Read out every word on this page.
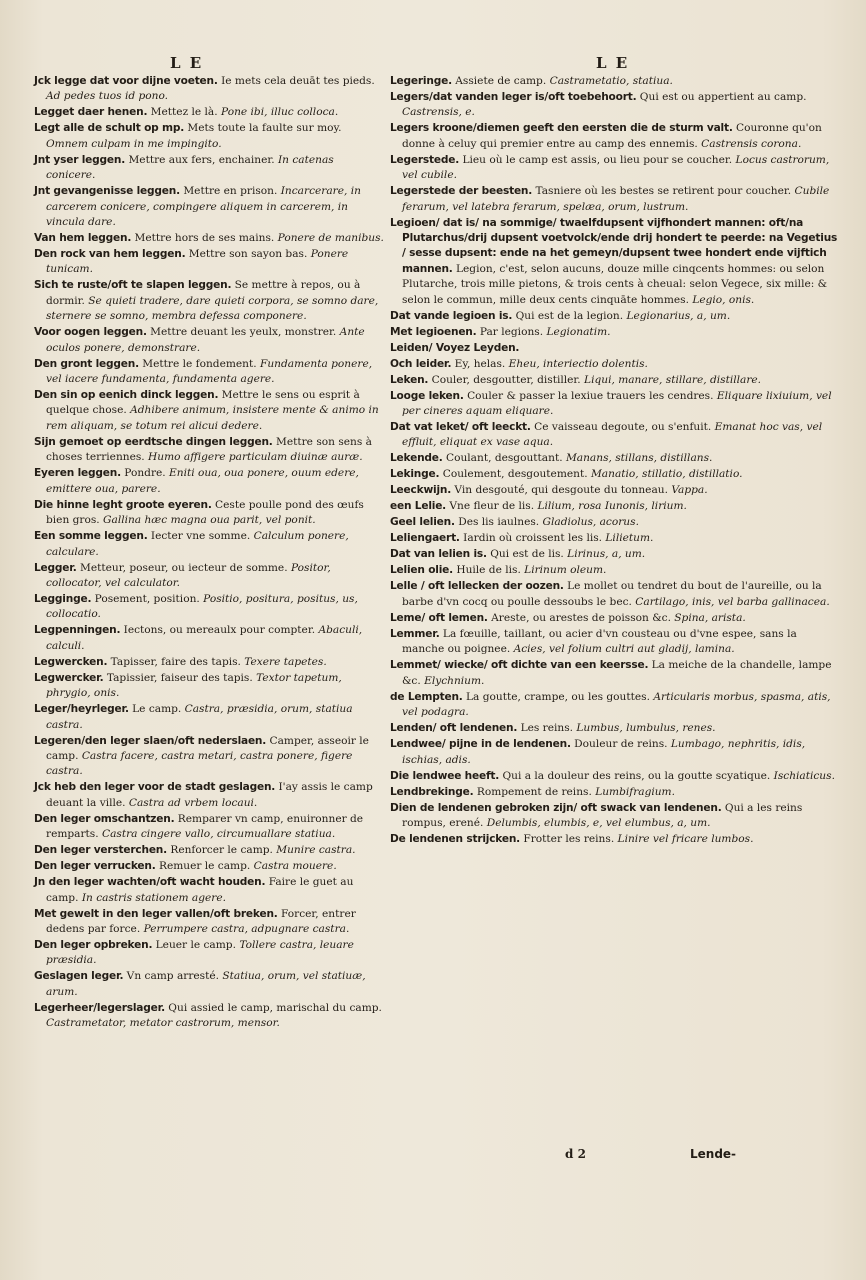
L E	L E

Jck legge dat voor dijne voeten. Ie mets cela deuāt tes pieds. Ad pedes tuos id pono.

Legget daer henen. Mettez le là. Pone ibi, illuc colloca.

Legt alle de schult op mp. Mets toute la faulte sur moy. Omnem culpam in me impingito.

Jnt yser leggen. Mettre aux fers, enchainer. In catenas conicere.

Jnt gevangenisse leggen. Mettre en prison. Incarcerare, in carcerem conicere, compingere aliquem in carcerem, in vincula dare.

Van hem leggen. Mettre hors de ses mains. Ponere de manibus.

Den rock van hem leggen. Mettre son sayon bas. Ponere tunicam.

Sich te ruste/oft te slapen leggen. Se mettre à repos, ou à dormir. Se quieti tradere, dare quieti corpora, se somno dare, sternere se somno, membra defessa componere.

Voor oogen leggen. Mettre deuant les yeulx, monstrer. Ante oculos ponere, demonstrare.

Den gront leggen. Mettre le fondement. Fundamenta ponere, vel iacere fundamenta, fundamenta agere.

Den sin op eenich dinck leggen. Mettre le sens ou esprit à quelque chose. Adhibere animum, insistere mente & animo in rem aliquam, se totum rei alicui dedere.

Sijn gemoet op eerdtsche dingen leggen. Mettre son sens à choses terriennes. Humo affigere particulam diuinæ auræ.

Eyeren leggen. Pondre. Eniti oua, oua ponere, ouum edere, emittere oua, parere.

Die hinne leght groote eyeren. Ceste poulle pond des œufs bien gros. Gallina hæc magna oua parit, vel ponit.

Een somme leggen. Iecter vne somme. Calculum ponere, calculare.

Legger. Metteur, poseur, ou iecteur de somme. Positor, collocator, vel calculator.

Legginge. Posement, position. Positio, positura, positus, us, collocatio.

Legpenningen. Iectons, ou mereaulx pour compter. Abaculi, calculi.

Legwercken. Tapisser, faire des tapis. Texere tapetes.

Legwercker. Tapissier, faiseur des tapis. Textor tapetum, phrygio, onis.

Leger/heyrleger. Le camp. Castra, præsidia, orum, statiua castra.

Legeren/den leger slaen/oft nederslaen. Camper, asseoir le camp. Castra facere, castra metari, castra ponere, figere castra.

Jck heb den leger voor de stadt geslagen. I'ay assis le camp deuant la ville. Castra ad vrbem locaui.

Den leger omschantzen. Remparer vn camp, enuironner de remparts. Castra cingere vallo, circumuallare statiua.

Den leger versterchen. Renforcer le camp. Munire castra.

Den leger verrucken. Remuer le camp. Castra mouere.

Jn den leger wachten/oft wacht houden. Faire le guet au camp. In castris stationem agere.

Met gewelt in den leger vallen/oft breken. Forcer, entrer dedens par force. Perrumpere castra, adpugnare castra.

Den leger opbreken. Leuer le camp. Tollere castra, leuare præsidia.

Geslagen leger. Vn camp arresté. Statiua, orum, vel statiuæ, arum.

Legerheer/legerslager. Qui assied le camp, marischal du camp. Castrametator, metator castrorum, mensor.

Legeringe. Assiete de camp. Castrametatio, statiua.

Legers/dat vanden leger is/oft toebehoort. Qui est ou appertient au camp. Castrensis, e.

Legers kroone/diemen geeft den eersten die de sturm valt. Couronne qu'on donne à celuy qui premier entre au camp des ennemis. Castrensis corona.

Legerstede. Lieu où le camp est assis, ou lieu pour se coucher. Locus castrorum, vel cubile.

Legerstede der beesten. Tasniere où les bestes se retirent pour coucher. Cubile ferarum, vel latebra ferarum, spelæa, orum, lustrum.

Legioen/ dat is/ na sommige/ twaelfdupsent vijfhondert mannen: oft/na Plutarchus/drij dupsent voetvolck/ende drij hondert te peerde: na Vegetius / sesse dupsent: ende na het gemeyn/dupsent twee hondert ende vijftich mannen. Legion, c'est, selon aucuns, douze mille cinqcents hommes: ou selon Plutarche, trois mille pietons, & trois cents à cheual: selon Vegece, six mille: & selon le commun, mille deux cents cinquāte hommes. Legio, onis.

Dat vande legioen is. Qui est de la legion. Legionarius, a, um.

Met legioenen. Par legions. Legionatim.

Leiden/ Voyez Leyden.

Och leider. Ey, helas. Eheu, interiectio dolentis.

Leken. Couler, desgoutter, distiller. Liqui, manare, stillare, distillare.

Looge leken. Couler & passer la lexiue trauers les cendres. Eliquare lixiuium, vel per cineres aquam eliquare.

Dat vat leket/ oft leeckt. Ce vaisseau degoute, ou s'enfuit. Emanat hoc vas, vel effluit, eliquat ex vase aqua.

Lekende. Coulant, desgouttant. Manans, stillans, distillans.

Lekinge. Coulement, desgoutement. Manatio, stillatio, distillatio.

Leeckwijn. Vin desgouté, qui desgoute du tonneau. Vappa.

een Lelie. Vne fleur de lis. Lilium, rosa Iunonis, lirium.

Geel lelien. Des lis iaulnes. Gladiolus, acorus.

Leliengaert. Iardin où croissent les lis. Lilietum.

Dat van lelien is. Qui est de lis. Lirinus, a, um.

Lelien olie. Huile de lis. Lirinum oleum.

Lelle / oft lellecken der oozen. Le mollet ou tendret du bout de l'aureille, ou la barbe d'vn cocq ou poulle dessoubs le bec. Cartilago, inis, vel barba gallinacea.

Leme/ oft lemen. Areste, ou arestes de poisson &c. Spina, arista.

Lemmer. La fœuille, taillant, ou acier d'vn cousteau ou d'vne espee, sans la manche ou poignee. Acies, vel folium cultri aut gladij, lamina.

Lemmet/ wiecke/ oft dichte van een keersse. La meiche de la chandelle, lampe &c. Elychnium.

de Lempten. La goutte, crampe, ou les gouttes. Articularis morbus, spasma, atis, vel podagra.

Lenden/ oft lendenen. Les reins. Lumbus, lumbulus, renes.

Lendwee/ pijne in de lendenen. Douleur de reins. Lumbago, nephritis, idis, ischias, adis.

Die lendwee heeft. Qui a la douleur des reins, ou la goutte scyatique. Ischiaticus.

Lendbrekinge. Rompement de reins. Lumbifragium.

Dien de lendenen gebroken zijn/ oft swack van lendenen. Qui a les reins rompus, erené. Delumbis, elumbis, e, vel elumbus, a, um.

De lendenen strijcken. Frotter les reins. Linire vel fricare lumbos.

d 2	Lende-
